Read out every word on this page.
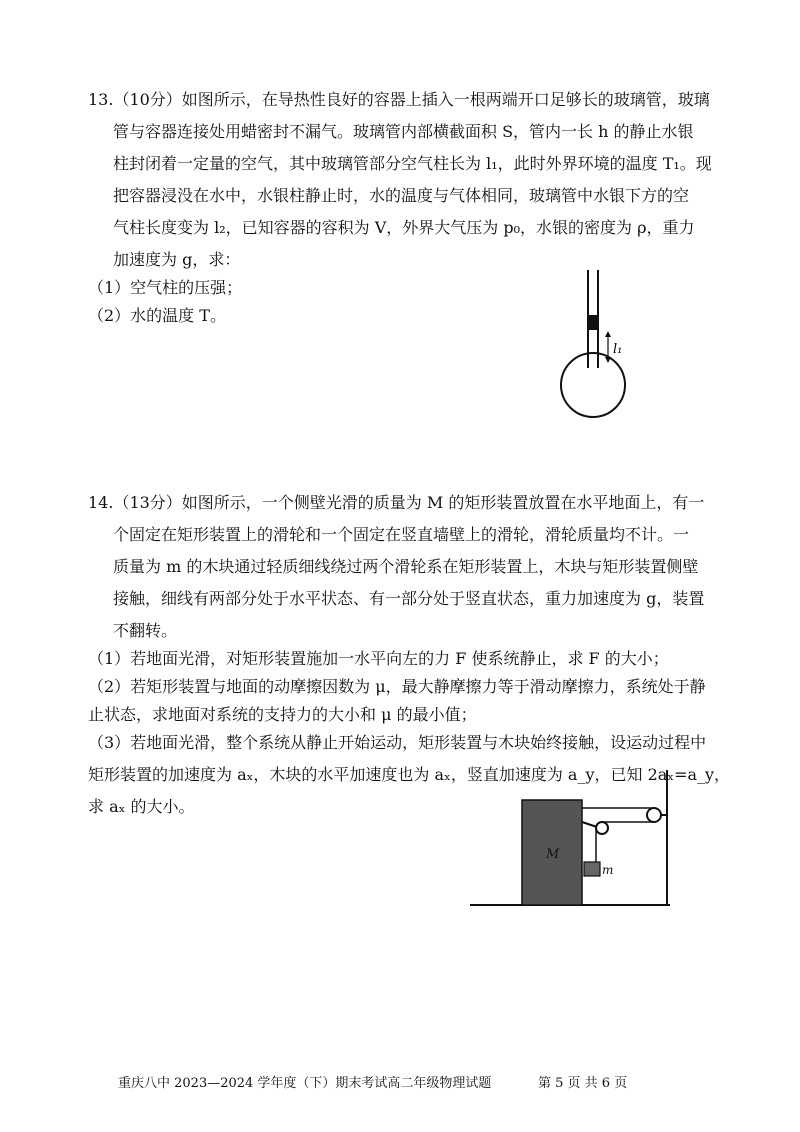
13.（10分）如图所示，在导热性良好的容器上插入一根两端开口足够长的玻璃管，玻璃
管与容器连接处用蜡密封不漏气。玻璃管内部横截面积 S，管内一长 h 的静止水银
柱封闭着一定量的空气，其中玻璃管部分空气柱长为 l₁，此时外界环境的温度 T₁。现
把容器浸没在水中，水银柱静止时，水的温度与气体相同，玻璃管中水银下方的空
气柱长度变为 l₂，已知容器的容积为 V，外界大气压为 p₀，水银的密度为 ρ，重力
加速度为 g，求：
（1）空气柱的压强；
（2）水的温度 T。
l₁
14.（13分）如图所示，一个侧壁光滑的质量为 M 的矩形装置放置在水平地面上，有一
个固定在矩形装置上的滑轮和一个固定在竖直墙壁上的滑轮，滑轮质量均不计。一
质量为 m 的木块通过轻质细线绕过两个滑轮系在矩形装置上，木块与矩形装置侧壁
接触，细线有两部分处于水平状态、有一部分处于竖直状态，重力加速度为 g，装置
不翻转。
（1）若地面光滑，对矩形装置施加一水平向左的力 F 使系统静止，求 F 的大小；
（2）若矩形装置与地面的动摩擦因数为 μ，最大静摩擦力等于滑动摩擦力，系统处于静
止状态，求地面对系统的支持力的大小和 μ 的最小值；
（3）若地面光滑，整个系统从静止开始运动，矩形装置与木块始终接触，设运动过程中
矩形装置的加速度为 aₓ，木块的水平加速度也为 aₓ，竖直加速度为 a_y，已知 2aₓ=a_y，
求 aₓ 的大小。
M
m
重庆八中 2023—2024 学年度（下）期末考试高二年级物理试题	第 5 页 共 6 页
